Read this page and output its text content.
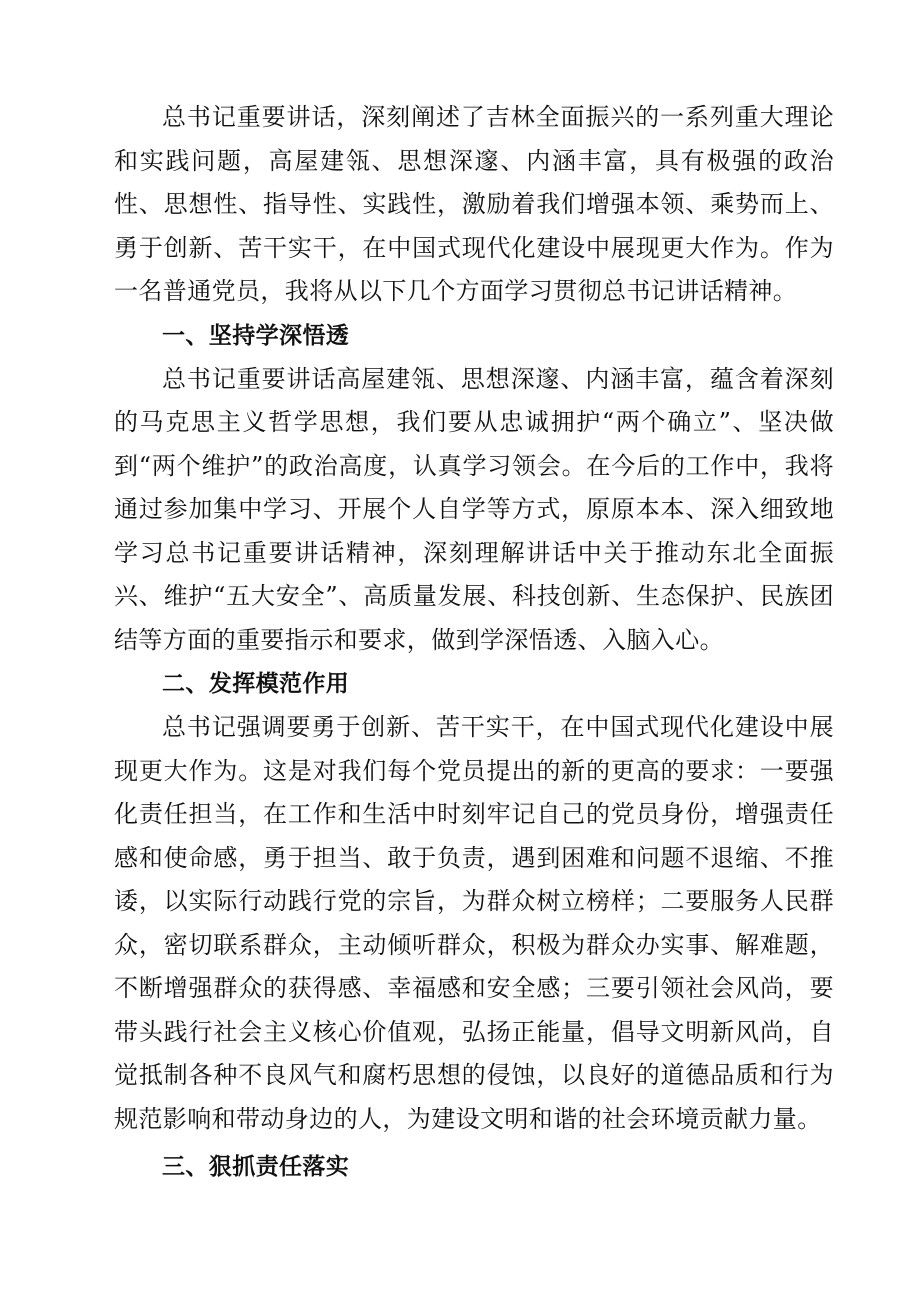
总书记重要讲话，深刻阐述了吉林全面振兴的一系列重大理论和实践问题，高屋建瓴、思想深邃、内涵丰富，具有极强的政治性、思想性、指导性、实践性，激励着我们增强本领、乘势而上、勇于创新、苦干实干，在中国式现代化建设中展现更大作为。作为一名普通党员，我将从以下几个方面学习贯彻总书记讲话精神。

一、坚持学深悟透

总书记重要讲话高屋建瓴、思想深邃、内涵丰富，蕴含着深刻的马克思主义哲学思想，我们要从忠诚拥护“两个确立”、坚决做到“两个维护”的政治高度，认真学习领会。在今后的工作中，我将通过参加集中学习、开展个人自学等方式，原原本本、深入细致地学习总书记重要讲话精神，深刻理解讲话中关于推动东北全面振兴、维护“五大安全”、高质量发展、科技创新、生态保护、民族团结等方面的重要指示和要求，做到学深悟透、入脑入心。

二、发挥模范作用

总书记强调要勇于创新、苦干实干，在中国式现代化建设中展现更大作为。这是对我们每个党员提出的新的更高的要求：一要强化责任担当，在工作和生活中时刻牢记自己的党员身份，增强责任感和使命感，勇于担当、敢于负责，遇到困难和问题不退缩、不推诿，以实际行动践行党的宗旨，为群众树立榜样；二要服务人民群众，密切联系群众，主动倾听群众，积极为群众办实事、解难题，不断增强群众的获得感、幸福感和安全感；三要引领社会风尚，要带头践行社会主义核心价值观，弘扬正能量，倡导文明新风尚，自觉抵制各种不良风气和腐朽思想的侵蚀，以良好的道德品质和行为规范影响和带动身边的人，为建设文明和谐的社会环境贡献力量。

三、狠抓责任落实
